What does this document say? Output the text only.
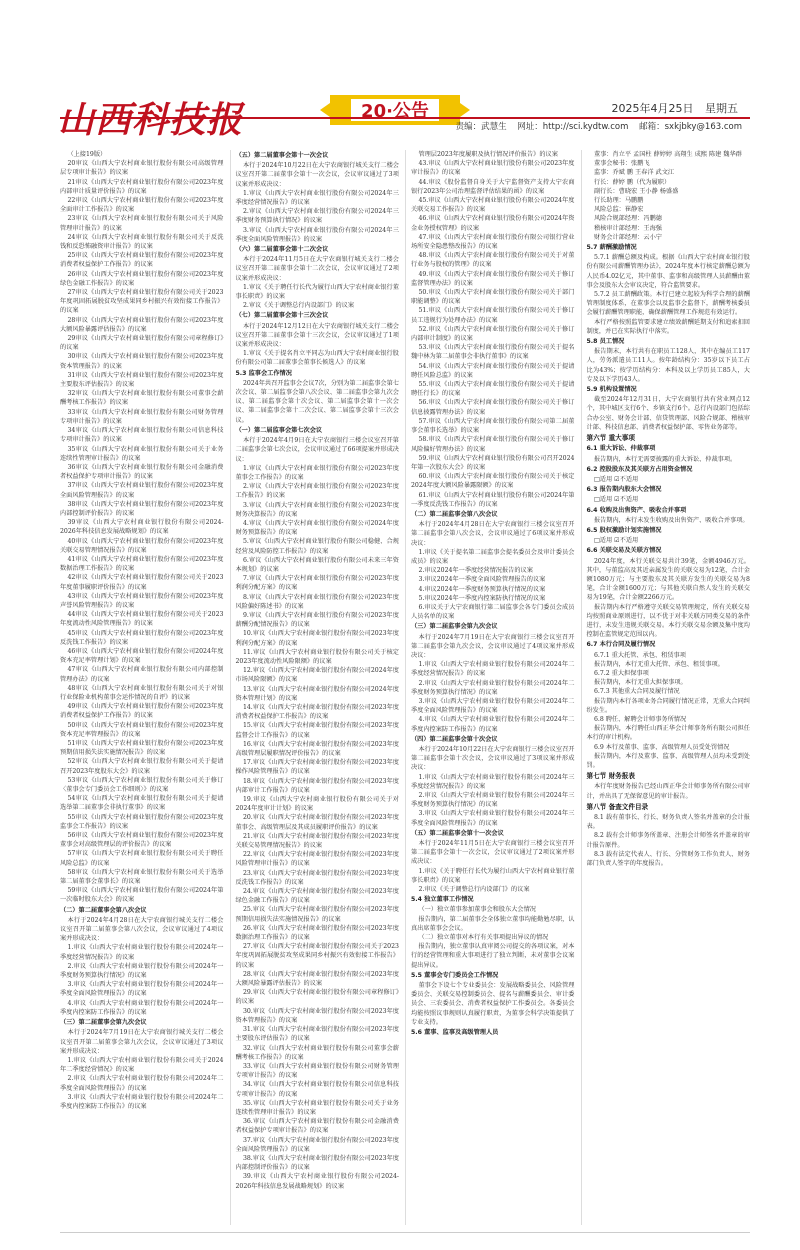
山西科技报	20·公告	2025年4月25日 星期五
责编：武慧生 网址：http://sci.kydtw.com 邮箱：sxkjbky@163.com

（上接19版）

20审议《山西大宁农村商业银行股份有限公司高级管理层专项审计报告》的议案

21审议《山西大宁农村商业银行股份有限公司2023年度内部审计质量评价报告》的议案

22审议《山西大宁农村商业银行股份有限公司2023年度全面审计工作报告》的议案

23审议《山西大宁农村商业银行股份有限公司关于风险管理审计报告》的议案

24审议《山西大宁农村商业银行股份有限公司关于反洗钱和反恐怖融资审计报告》的议案

25审议《山西大宁农村商业银行股份有限公司2023年度消费者权益保护工作报告》的议案

26审议《山西大宁农村商业银行股份有限公司2023年度绿色金融工作报告》的议案

27审议《山西大宁农村商业银行股份有限公司关于2023年度巩固拓展脱贫攻坚成果同乡村振兴有效衔接工作报告》的议案

28审议《山西大宁农村商业银行股份有限公司2023年度大额风险暴露评估报告》的议案

29审议《山西大宁农村商业银行股份有限公司章程修订》的议案

30审议《山西大宁农村商业银行股份有限公司2023年度资本管理报告》的议案

31审议《山西大宁农村商业银行股份有限公司2023年度主要股东评估报告》的议案

32审议《山西大宁农村商业银行股份有限公司董事会薪酬考核工作报告》的议案

33审议《山西大宁农村商业银行股份有限公司财务管理专项审计报告》的议案

34审议《山西大宁农村商业银行股份有限公司信息科技专项审计报告》的议案

35审议《山西大宁农村商业银行股份有限公司关于业务连续性管理审计报告》的议案

36审议《山西大宁农村商业银行股份有限公司金融消费者权益保护专项审计报告》的议案

37审议《山西大宁农村商业银行股份有限公司2023年度全面风险管理报告》的议案

38审议《山西大宁农村商业银行股份有限公司2023年度内部控制评价报告》的议案

39审议《山西大宁农村商业银行股份有限公司2024-2026年科技信息发展战略规划》的议案

40审议《山西大宁农村商业银行股份有限公司2023年度关联交易管理情况报告》的议案

41审议《山西大宁农村商业银行股份有限公司2023年度数据治理工作报告》的议案

42审议《山西大宁农村商业银行股份有限公司关于2023年度董事履职评价报告》的议案

43审议《山西大宁农村商业银行股份有限公司2023年度声誉风险管理报告》的议案

44审议《山西大宁农村商业银行股份有限公司关于2023年度流动性风险管理报告》的议案

45审议《山西大宁农村商业银行股份有限公司2023年度反洗钱工作报告》的议案

46审议《山西大宁农村商业银行股份有限公司2024年度资本充足率管理计划》的议案

47审议《山西大宁农村商业银行股份有限公司内部控制管理办法》的议案

48审议《山西大宁农村商业银行股份有限公司关于对银行业保险业机构董事会运作情况的自评》的议案

49审议《山西大宁农村商业银行股份有限公司2023年度消费者权益保护工作报告》的议案

50审议《山西大宁农村商业银行股份有限公司2023年度资本充足率管理报告》的议案

51审议《山西大宁农村商业银行股份有限公司2023年度预期信用损失法实施情况报告》的议案

52审议《山西大宁农村商业银行股份有限公司关于提请召开2023年度股东大会》的议案

53审议《山西大宁农村商业银行股份有限公司关于修订〈董事会专门委员会工作细则〉》的议案

54审议《山西大宁农村商业银行股份有限公司关于提请选举第二届董事会非执行董事》的议案

55审议《山西大宁农村商业银行股份有限公司2023年度监事会工作报告》的议案

56审议《山西大宁农村商业银行股份有限公司2023年度董事会对高级管理层的评价报告》的议案

57审议《山西大宁农村商业银行股份有限公司关于聘任风险总监》的议案

58审议《山西大宁农村商业银行股份有限公司关于选举第二届董事会董事长》的议案

59审议《山西大宁农村商业银行股份有限公司2024年第一次临时股东大会》的议案

（二）第二届董事会第八次会议

本行于2024年4月28日在大宁农商银行城关支行二楼会议室召开第二届董事会第八次会议，会议审议通过了4项议案并形成决议：

1.审议《山西大宁农村商业银行股份有限公司2024年一季度经营情况报告》的议案

2.审议《山西大宁农村商业银行股份有限公司2024年一季度财务预算执行情况》的议案

3.审议《山西大宁农村商业银行股份有限公司2024年一季度全面风险管理报告》的议案

4.审议《山西大宁农村商业银行股份有限公司2024年一季度内控案防工作报告》的议案

（三）第二届董事会第九次会议

本行于2024年7月19日在大宁农商银行城关支行二楼会议室召开第二届董事会第九次会议，会议审议通过了3项议案并形成决议：

1.审议《山西大宁农村商业银行股份有限公司关于2024年二季度经营情况》的议案

2.审议《山西大宁农村商业银行股份有限公司2024年二季度全面风险管理报告》的议案

3.审议《山西大宁农村商业银行股份有限公司2024年二季度内控案防工作报告》的议案

（五）第二届董事会第十一次会议

本行于2024年10月22日在大宁农商银行城关支行二楼会议室召开第二届董事会第十一次会议，会议审议通过了3项议案并形成决议：

1.审议《山西大宁农村商业银行股份有限公司2024年三季度经营情况报告》的议案

2.审议《山西大宁农村商业银行股份有限公司2024年三季度财务预算执行情况》的议案

3.审议《山西大宁农村商业银行股份有限公司2024年三季度全面风险管理报告》的议案

（六）第二届董事会第十二次会议

本行于2024年11月5日在大宁农商银行城关支行二楼会议室召开第二届董事会第十二次会议，会议审议通过了2项议案并形成决议：

1.审议《关于聘任行长代为履行山西大宁农村商业银行董事长职责》的议案

2.审议《关于调整总行内设部门》的议案

（七）第二届董事会第十三次会议

本行于2024年12月12日在大宁农商银行城关支行二楼会议室召开第二届董事会第十三次会议，会议审议通过了1项议案并形成决议：

1.审议《关于提名肖立平同志为山西大宁农村商业银行股份有限公司第二届董事会董事长候选人》的议案

5.3 监事会工作情况

2024年共召开监事会会议7次，分别为第二届监事会第七次会议、第二届监事会第八次会议、第二届监事会第九次会议、第二届监事会第十次会议、第二届监事会第十一次会议、第二届监事会第十二次会议、第二届监事会第十三次会议。

（一）第二届监事会第七次会议

本行于2024年4月9日在大宁农商银行三楼会议室召开第二届监事会第七次会议，会议审议通过了66项提案并形成决议：

1.审议《山西大宁农村商业银行股份有限公司2023年度董事会工作报告》的议案

2.审议《山西大宁农村商业银行股份有限公司2023年度工作报告》的议案

3.审议《山西大宁农村商业银行股份有限公司2023年度财务决算报告》的议案

4.审议《山西大宁农村商业银行股份有限公司2024年度财务预算报告》的议案

5.审议《山西大宁农村商业银行股份有限公司稳健、合规经营及风险防控工作报告》的议案

6.审议《山西大宁农村商业银行股份有限公司未来三年资本规划》的议案

7.审议《山西大宁农村商业银行股份有限公司2023年度利润分配方案》的议案

8.审议《山西大宁农村商业银行股份有限公司2023年度风险偏好陈述书》的议案

9.审议《山西大宁农村商业银行股份有限公司2023年度薪酬分配情况报告》的议案

10.审议《山西大宁农村商业银行股份有限公司2023年度利润分配方案》的议案

11.审议《山西大宁农村商业银行股份有限公司关于核定2023年度流动性风险限额》的议案

12.审议《山西大宁农村商业银行股份有限公司2024年度市场风险限额》的议案

13.审议《山西大宁农村商业银行股份有限公司2024年度资本管理计划》的议案

14.审议《山西大宁农村商业银行股份有限公司2023年度消费者权益保护工作报告》的议案

15.审议《山西大宁农村商业银行股份有限公司2023年度监督会计工作报告》的议案

16.审议《山西大宁农村商业银行股份有限公司2023年度高级管理层履职情况评价报告》的议案

17.审议《山西大宁农村商业银行股份有限公司2023年度操作风险管理报告》的议案

18.审议《山西大宁农村商业银行股份有限公司2023年度内部审计工作报告》的议案

19.审议《山西大宁农村商业银行股份有限公司关于对2024年度审计计划》的议案

20.审议《山西大宁农村商业银行股份有限公司2023年度董事会、高级管理层及其成员履职评价报告》的议案

21.审议《山西大宁农村商业银行股份有限公司2023年度关联交易管理情况报告》的议案

22.审议《山西大宁农村商业银行股份有限公司2023年度风险管理审计报告》的议案

23.审议《山西大宁农村商业银行股份有限公司2023年度反洗钱工作报告》的议案

24.审议《山西大宁农村商业银行股份有限公司2023年度绿色金融工作报告》的议案

25.审议《山西大宁农村商业银行股份有限公司2023年度预期信用损失法实施情况报告》的议案

26.审议《山西大宁农村商业银行股份有限公司2023年度数据治理工作报告》的议案

27.审议《山西大宁农村商业银行股份有限公司关于2023年度巩固拓展脱贫攻坚成果同乡村振兴有效衔接工作报告》的议案

28.审议《山西大宁农村商业银行股份有限公司2023年度大额风险暴露评估报告》的议案

29.审议《山西大宁农村商业银行股份有限公司章程修订》的议案

30.审议《山西大宁农村商业银行股份有限公司2023年度资本管理报告》的议案

31.审议《山西大宁农村商业银行股份有限公司2023年度主要股东评估报告》的议案

32.审议《山西大宁农村商业银行股份有限公司董事会薪酬考核工作报告》的议案

33.审议《山西大宁农村商业银行股份有限公司财务管理专项审计报告》的议案

34.审议《山西大宁农村商业银行股份有限公司信息科技专项审计报告》的议案

35.审议《山西大宁农村商业银行股份有限公司关于业务连续性管理审计报告》的议案

36.审议《山西大宁农村商业银行股份有限公司金融消费者权益保护专项审计报告》的议案

37.审议《山西大宁农村商业银行股份有限公司2023年度全面风险管理报告》的议案

38.审议《山西大宁农村商业银行股份有限公司2023年度内部控制评价报告》的议案

39.审议《山西大宁农村商业银行股份有限公司2024-2026年科技信息发展战略规划》的议案

管理层2023年度履职及执行情况评价报告》的议案

43.审议《山西大宁农村商业银行股份有限公司2023年度审计报告》的议案

44.审议《股份监督自身关于大宁监督资产支持大宁农商银行2023年公司治理监督评估结果的函》的议案

45.审议《山西大宁农村商业银行股份有限公司2024年度关联交易工作报告》的议案

46.审议《山西大宁农村商业银行股份有限公司2024年资金业务授权管理》的议案

47.审议《山西大宁农村商业银行股份有限公司银行营业场所安全隐患整改报告》的议案

48.审议《山西大宁农村商业银行股份有限公司关于对董行业务与股权的管理》的议案

49.审议《山西大宁农村商业银行股份有限公司关于修订监督管理办法》的议案

50.审议《山西大宁农村商业银行股份有限公司关于部门职能调整》的议案

51.审议《山西大宁农村商业银行股份有限公司关于修订员工违规行为处理办法》的议案

52.审议《山西大宁农村商业银行股份有限公司关于修订内部审计制度》的议案

53.审议《山西大宁农村商业银行股份有限公司关于提名魏中林为第二届董事会非执行董事》的议案

54.审议《山西大宁农村商业银行股份有限公司关于提请聘任风险总监》的议案

55.审议《山西大宁农村商业银行股份有限公司关于提请聘任行长》的议案

56.审议《山西大宁农村商业银行股份有限公司关于修订信息披露管理办法》的议案

57.审议《山西大宁农村商业银行股份有限公司第二届董事会董事长选举》的议案

58.审议《山西大宁农村商业银行股份有限公司关于修订风险偏好管理办法》的议案

59.审议《山西大宁农村商业银行股份有限公司召开2024年第一次股东大会》的议案

60.审议《山西大宁农村商业银行股份有限公司关于核定2024年度大额风险暴露限额》的议案

61.审议《山西大宁农村商业银行股份有限公司2024年第一季度反洗钱工作报告》的议案

（二）第二届监事会第八次会议

本行于2024年4月28日在大宁农商银行三楼会议室召开第二届监事会第八次会议，会议审议通过了6项议案并形成决议：

1.审议《关于提名第二届监事会提名委员会及审计委员会成员》的议案

2.审议2024年一季度经营情况报告的议案

3.审议2024年一季度全面风险管理报告的议案

4.审议2024年一季度财务预算执行情况的议案

5.审议2024年一季度内控案防执行情况的议案

6.审议关于大宁农商银行第二届监事会各专门委员会成员人员名单的议案

（三）第二届监事会第九次会议

本行于2024年7月19日在大宁农商银行三楼会议室召开第二届监事会第九次会议，会议审议通过了4项议案并形成决议：

1.审议《山西大宁农村商业银行股份有限公司2024年二季度经营情况报告》的议案

2.审议《山西大宁农村商业银行股份有限公司2024年二季度财务预算执行情况》的议案

3.审议《山西大宁农村商业银行股份有限公司2024年二季度全面风险管理报告》的议案

4.审议《山西大宁农村商业银行股份有限公司2024年二季度内控案防工作报告》的议案

（四）第二届监事会第十次会议

本行于2024年10月22日在大宁农商银行三楼会议室召开第二届监事会第十次会议，会议审议通过了3项议案并形成决议：

1.审议《山西大宁农村商业银行股份有限公司2024年三季度经营情况报告》的议案

2.审议《山西大宁农村商业银行股份有限公司2024年三季度财务预算执行情况》的议案

3.审议《山西大宁农村商业银行股份有限公司2024年三季度全面风险管理报告》的议案

（五）第二届监事会第十一次会议

本行于2024年11月5日在大宁农商银行三楼会议室召开第二届监事会第十一次会议，会议审议通过了2项议案并形成决议：

1.审议《关于聘任行长代为履行山西大宁农村商业银行董事长职责》的议案

2.审议《关于调整总行内设部门》的议案

5.4 独立董事工作情况

（一）独立董事参加董事会和股东大会情况

报告期内，第二届董事会全体独立董事均能勤勉尽职，认真出席董事会会议。

（二）独立董事对本行有关事项提出异议的情况

报告期内，独立董事认真审阅公司提交的各项议案，对本行的经营管理和重大事项进行了独立判断，未对董事会议案提出异议。

5.5 董事会专门委员会工作情况

董事会下设七个专业委员会：发展战略委员会、风险管理委员会、关联交易控制委员会、提名与薪酬委员会、审计委员会、三农委员会、消费者权益保护工作委员会。各委员会均能按照议事规则认真履行职责，为董事会科学决策提供了专业支持。

5.6 董事、监事及高级管理人员

董事：肖立平 孟国柱 薛婷婷 高翔生 成熙 陈建 魏华群

董事会秘书：张鹏飞

监事：乔斌 鹏 王春洋 武文江

行长：薛婷 鹏（代为履职）

副行长：曹晓宏 王小静 杨盛盛

行长助理：马鹏鹏

风险总监：崔静宏

风险合规部经理：冯鹏德

稽核审计部经理：王海强

财务会计部经理：云小宁

5.7 薪酬激励情况

5.7.1 薪酬总额及构成。根据《山西大宁农村商业银行股份有限公司薪酬管理办法》，2024年度本行核定薪酬总额为人民币4.02亿元，其中董事、监事和高级管理人员薪酬由董事会及股东大会审议决定，符合监管要求。

5.7.2 员工薪酬政策。本行已建立起较为科学合理的薪酬管理制度体系，在董事会以及监事会监督下，薪酬考核委员会履行薪酬管理职能，确保薪酬管理工作规范有效运行。

本行严格按照监管要求建立绩效薪酬延期支付和追索扣回制度，并已在实际执行中落实。

5.8 员工情况

报告期末，本行共有在职员工128人，其中在编员工117人，劳务派遣员工11人。按年龄结构分：35岁以下员工占比为43%；按学历结构分：本科及以上学历员工85人，大专及以下学历43人。

5.9 机构设置情况

截至2024年12月31日，大宁农商银行共有营业网点12个，其中城区支行6个、乡镇支行6个。总行内设部门包括综合办公室、财务会计部、信贷管理部、风险合规部、稽核审计部、科技信息部、消费者权益保护部、零售业务部等。

第六节 重大事项
6.1 重大诉讼、仲裁事项

报告期内，本行无需要披露的重大诉讼、仲裁事项。

6.2 控股股东及其关联方占用资金情况

□适用 ☑不适用

6.3 报告期内股东大会情况

□适用 ☑不适用

6.4 收购及出售资产、吸收合并事项

报告期内，本行未发生收购及出售资产、吸收合并事项。

6.5 股权激励计划实施情况

□适用 ☑不适用

6.6 关联交易及关联方情况

2024年度，本行关联交易共计39笔，金额4946万元。其中，与董监高及其近亲属发生的关联交易为12笔，合计金额1080万元；与主要股东及其关联方发生的关联交易为8笔，合计金额1600万元；与其他关联自然人发生的关联交易为19笔，合计金额2266万元。

报告期内本行严格遵守关联交易管理规定，所有关联交易均按照商业原则进行，以不优于对非关联方同类交易的条件进行，未发生违规关联交易。本行关联交易余额及集中度均控制在监管规定范围以内。

6.7 本行合同及履行情况

6.7.1 重大托管、承包、租赁事项

报告期内，本行无重大托管、承包、租赁事项。

6.7.2 重大担保事项

报告期内，本行无重大担保事项。

6.7.3 其他重大合同及履行情况

报告期内本行各项业务合同履行情况正常，无重大合同纠纷发生。

6.8 聘任、解聘会计师事务所情况

报告期内，本行聘任山西正华会计师事务所有限公司担任本行的审计机构。

6.9 本行及董事、监事、高级管理人员受处罚情况

报告期内，本行及董事、监事、高级管理人员均未受到处罚。

第七节 财务报表

本行年度财务报告已经山西正华会计师事务所有限公司审计，并出具了无保留意见的审计报告。

第八节 备查文件目录

8.1 载有董事长、行长、财务负责人签名并盖章的会计报表。

8.2 载有会计师事务所盖章、注册会计师签名并盖章的审计报告原件。

8.3 载有法定代表人、行长、分管财务工作负责人、财务部门负责人签字的年度报告。
